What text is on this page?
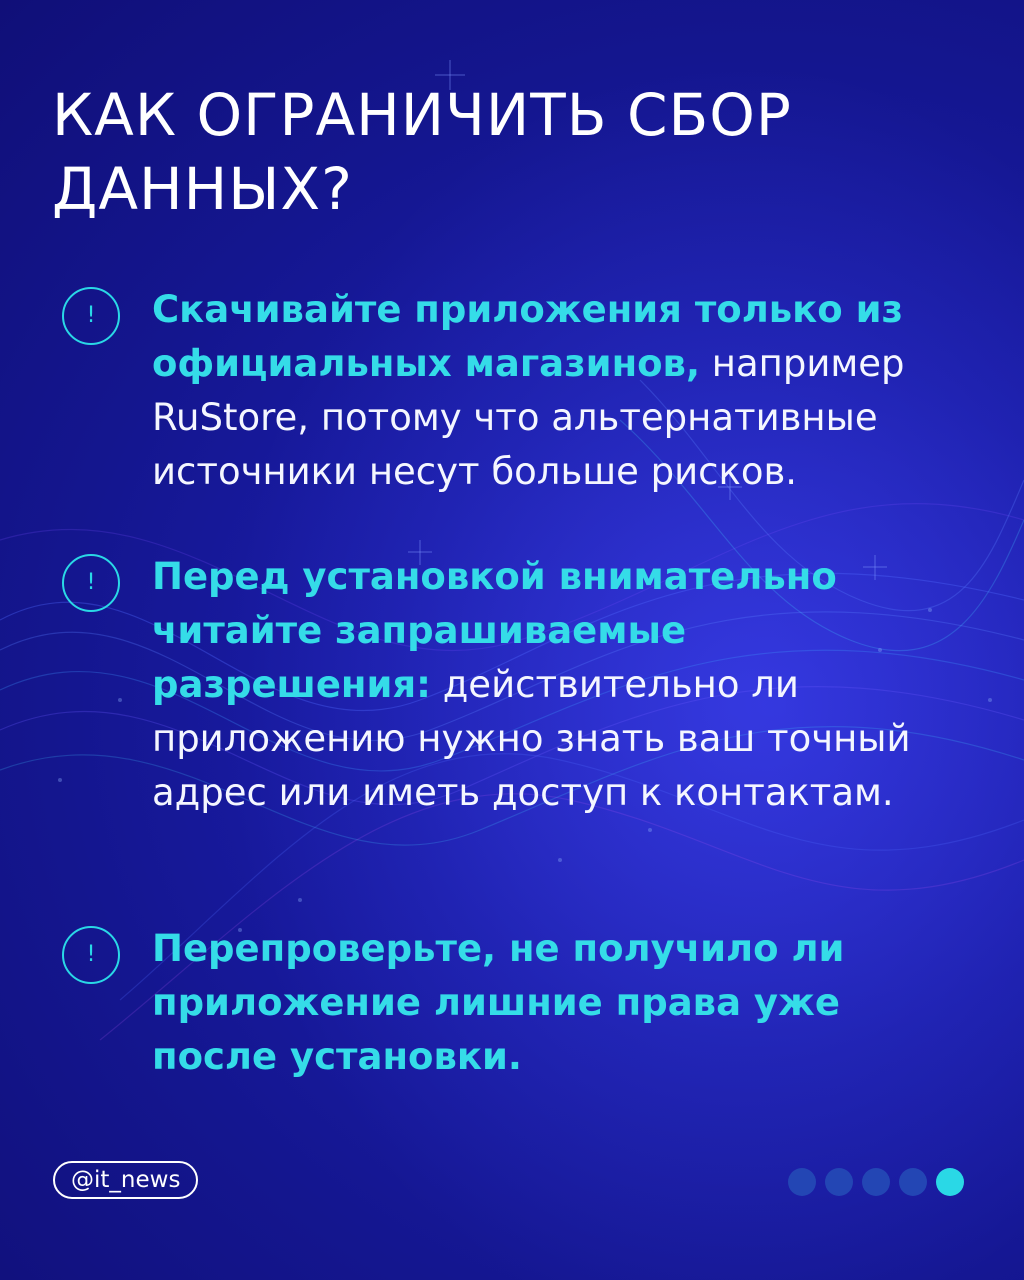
КАК ОГРАНИЧИТЬ СБОР ДАННЫХ?
!	Скачивайте приложения только из официальных магазинов, например RuStore, потому что альтернативные источники несут больше рисков.

!	Перед установкой внимательно читайте запрашиваемые разрешения: действительно ли приложению нужно знать ваш точный адрес или иметь доступ к контактам.

!	Перепроверьте, не получило ли приложение лишние права уже после установки.

@it_news
